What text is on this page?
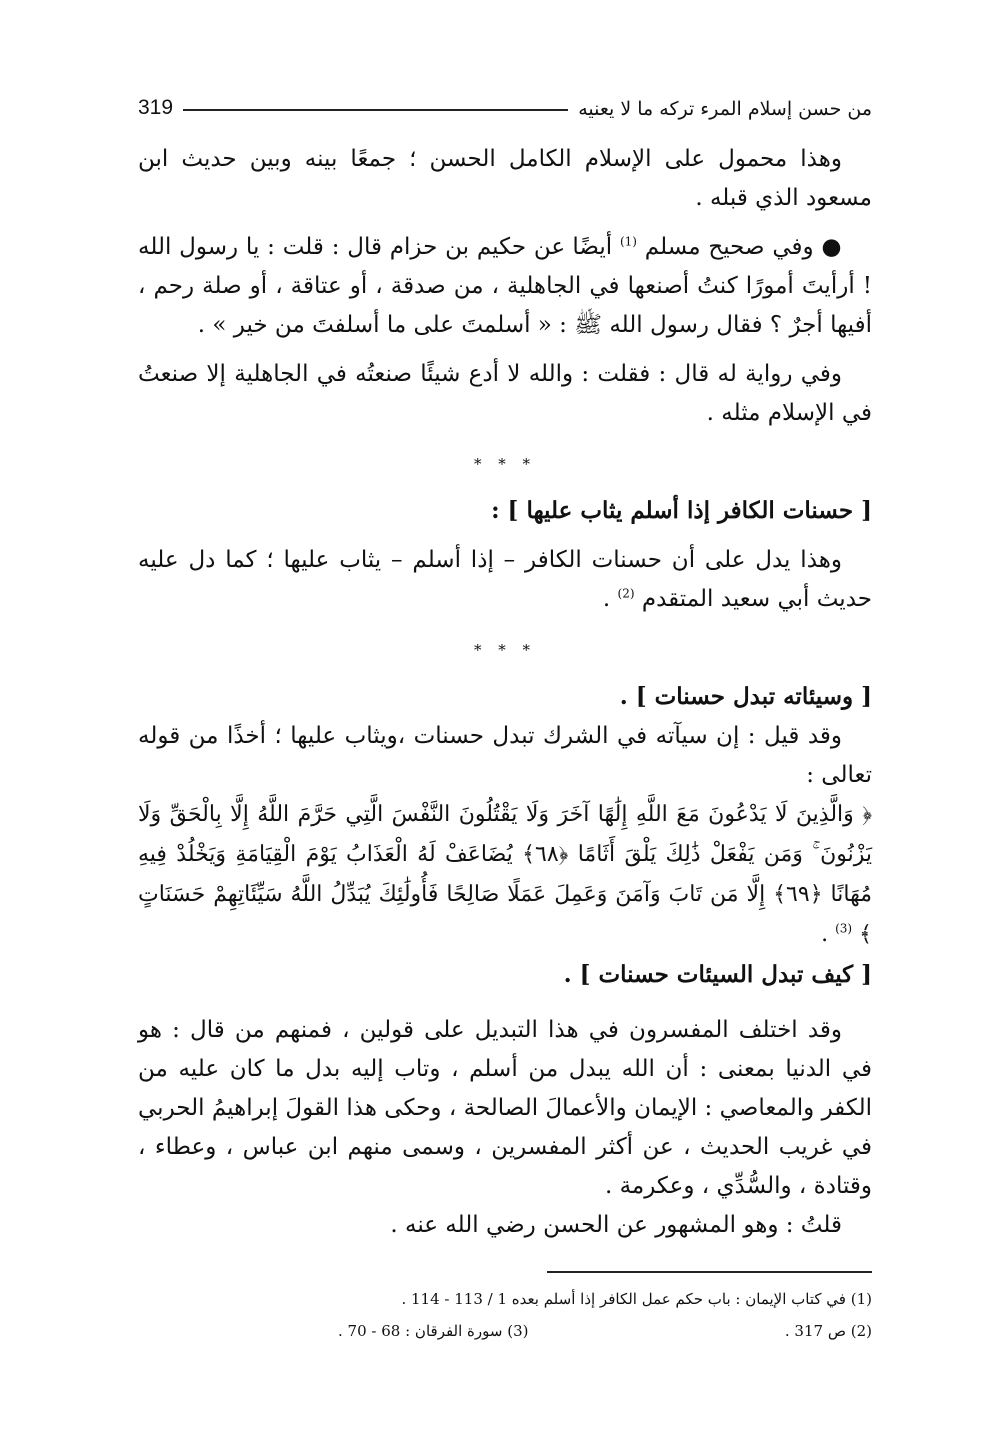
من حسن إسلام المرء تركه ما لا يعنيه
319

وهذا محمول على الإسلام الكامل الحسن ؛ جمعًا بينه وبين حديث ابن مسعود الذي قبله .

● وفي صحيح مسلم $^{(1)}$ أيضًا عن حكيم بن حزام قال : قلت : يا رسول الله ! أرأيتَ أمورًا كنتُ أصنعها في الجاهلية ، من صدقة ، أو عتاقة ، أو صلة رحم ، أفيها أجرٌ ؟ فقال رسول الله ﷺ : « أسلمتَ على ما أسلفتَ من خير » .

وفي رواية له قال : فقلت : والله لا أدع شيئًا صنعتُه في الجاهلية إلا صنعتُ في الإسلام مثله .

* * *

[ حسنات الكافر إذا أسلم يثاب عليها ] :

وهذا يدل على أن حسنات الكافر – إذا أسلم – يثاب عليها ؛ كما دل عليه حديث أبي سعيد المتقدم $^{(2)}$ .

* * *

[ وسيئاته تبدل حسنات ] .

وقد قيل : إن سيآته في الشرك تبدل حسنات ،ويثاب عليها ؛ أخذًا من قوله تعالى :

﴿ وَالَّذِينَ لَا يَدْعُونَ مَعَ اللَّهِ إِلَٰهًا آخَرَ وَلَا يَقْتُلُونَ النَّفْسَ الَّتِي حَرَّمَ اللَّهُ إِلَّا بِالْحَقِّ وَلَا يَزْنُونَ ۚ وَمَن يَفْعَلْ ذَٰلِكَ يَلْقَ أَثَامًا ﴿٦٨﴾ يُضَاعَفْ لَهُ الْعَذَابُ يَوْمَ الْقِيَامَةِ وَيَخْلُدْ فِيهِ مُهَانًا ﴿٦٩﴾ إِلَّا مَن تَابَ وَآمَنَ وَعَمِلَ عَمَلًا صَالِحًا فَأُولَٰئِكَ يُبَدِّلُ اللَّهُ سَيِّئَاتِهِمْ حَسَنَاتٍ ﴾ $^{(3)}$ .

[ كيف تبدل السيئات حسنات ] .

وقد اختلف المفسرون في هذا التبديل على قولين ، فمنهم من قال : هو في الدنيا بمعنى : أن الله يبدل من أسلم ، وتاب إليه بدل ما كان عليه من الكفر والمعاصي : الإيمان والأعمالَ الصالحة ، وحكى هذا القولَ إبراهيمُ الحربي في غريب الحديث ، عن أكثر المفسرين ، وسمى منهم ابن عباس ، وعطاء ، وقتادة ، والسُّدِّي ، وعكرمة .

قلتُ : وهو المشهور عن الحسن رضي الله عنه .

(1) في كتاب الإيمان : باب حكم عمل الكافر إذا أسلم بعده 1 / 113 - 114 .
(2) ص 317 .
(3) سورة الفرقان : 68 - 70 .
